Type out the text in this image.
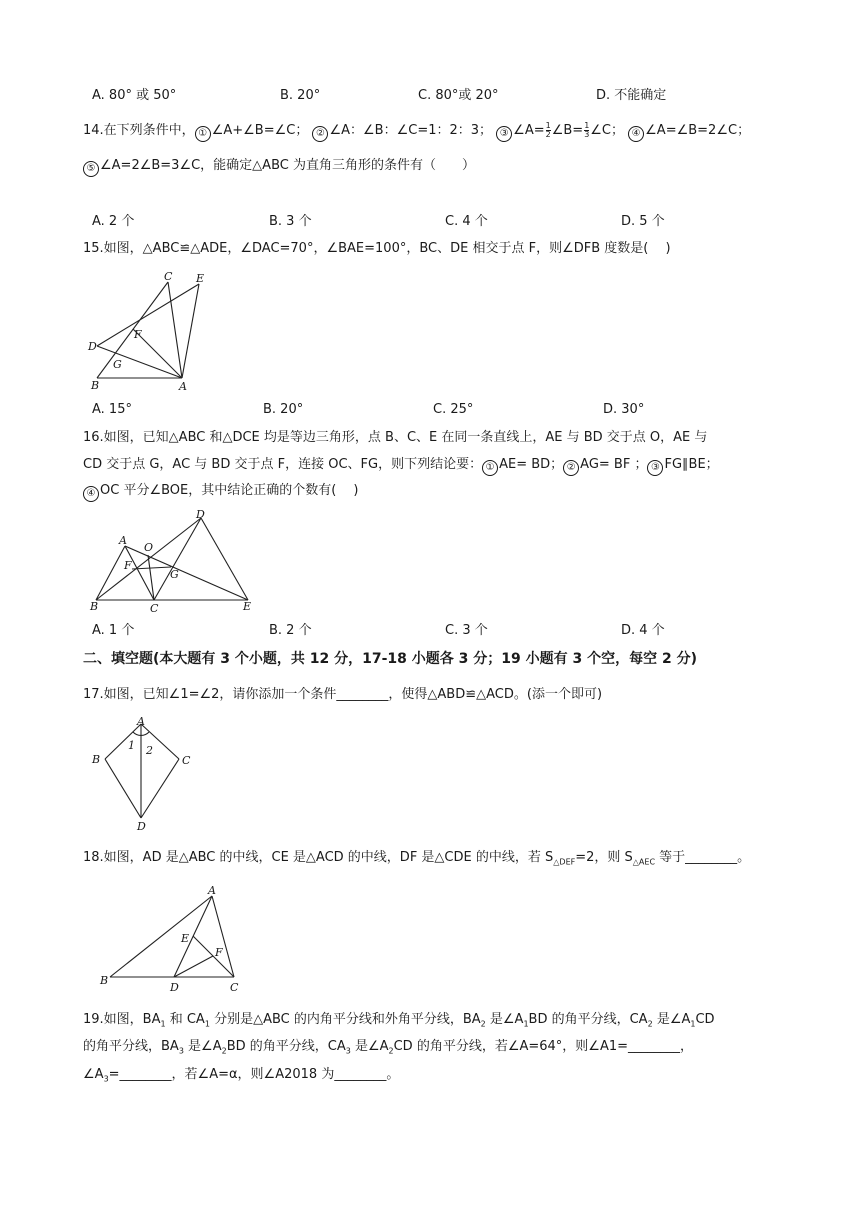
A. 80° 或 50°	B. 20°	C. 80°或 20°	D. 不能确定
14.在下列条件中， ① ∠A+∠B=∠C； ② ∠A：∠B：∠C=1：2：3； ③ ∠A= $\frac{1}{2}$ ∠B= $\frac{1}{3}$ ∠C； ④ ∠A=∠B=2∠C；
⑤ ∠A=2∠B=3∠C，能确定△ABC 为直角三角形的条件有（　　）
A. 2 个	B. 3 个	C. 4 个	D. 5 个
15.如图，△ABC≌△ADE，∠DAC=70°，∠BAE=100°，BC、DE 相交于点 F，则∠DFB 度数是(　 )
C E
F
D
G
B	A
A. 15°	B. 20°	C. 25°	D. 30°
16.如图，已知△ABC 和△DCE 均是等边三角形，点 B、C、E 在同一条直线上，AE 与 BD 交于点 O，AE 与
CD 交于点 G，AC 与 BD 交于点 F，连接 OC、FG，则下列结论要： ① AE= BD； ② AG= BF ； ③ FG∥BE；
④ OC 平分∠BOE，其中结论正确的个数有(　 )
D
A
O
F
G
B	C	E
A. 1 个	B. 2 个	C. 3 个	D. 4 个
二、填空题(本大题有 3 个小题，共 12 分，17-18 小题各 3 分；19 小题有 3 个空，每空 2 分)
17.如图，已知∠1=∠2，请你添加一个条件________，使得△ABD≌△ACD。(添一个即可)
A
B	C
D
1 2
18.如图，AD 是△ABC 的中线，CE 是△ACD 的中线，DF 是△CDE 的中线，若 $S_{\triangle DEF}=2$，则 $S_{\triangle AEC}$ 等于________。
A
E
F
B
D	C
19.如图，$BA_1$ 和 $CA_1$ 分别是△ABC 的内角平分线和外角平分线，$BA_2$ 是$\angle A_1BD$ 的角平分线，$CA_2$ 是$\angle A_1CD$
的角平分线，$BA_3$ 是$\angle A_2BD$ 的角平分线，$CA_3$ 是$\angle A_2CD$ 的角平分线，若∠A=64°，则∠A1=________，
$\angle A_3=\_\_\_\_\_\_\_\_$，若∠A=α，则∠A2018 为________。
